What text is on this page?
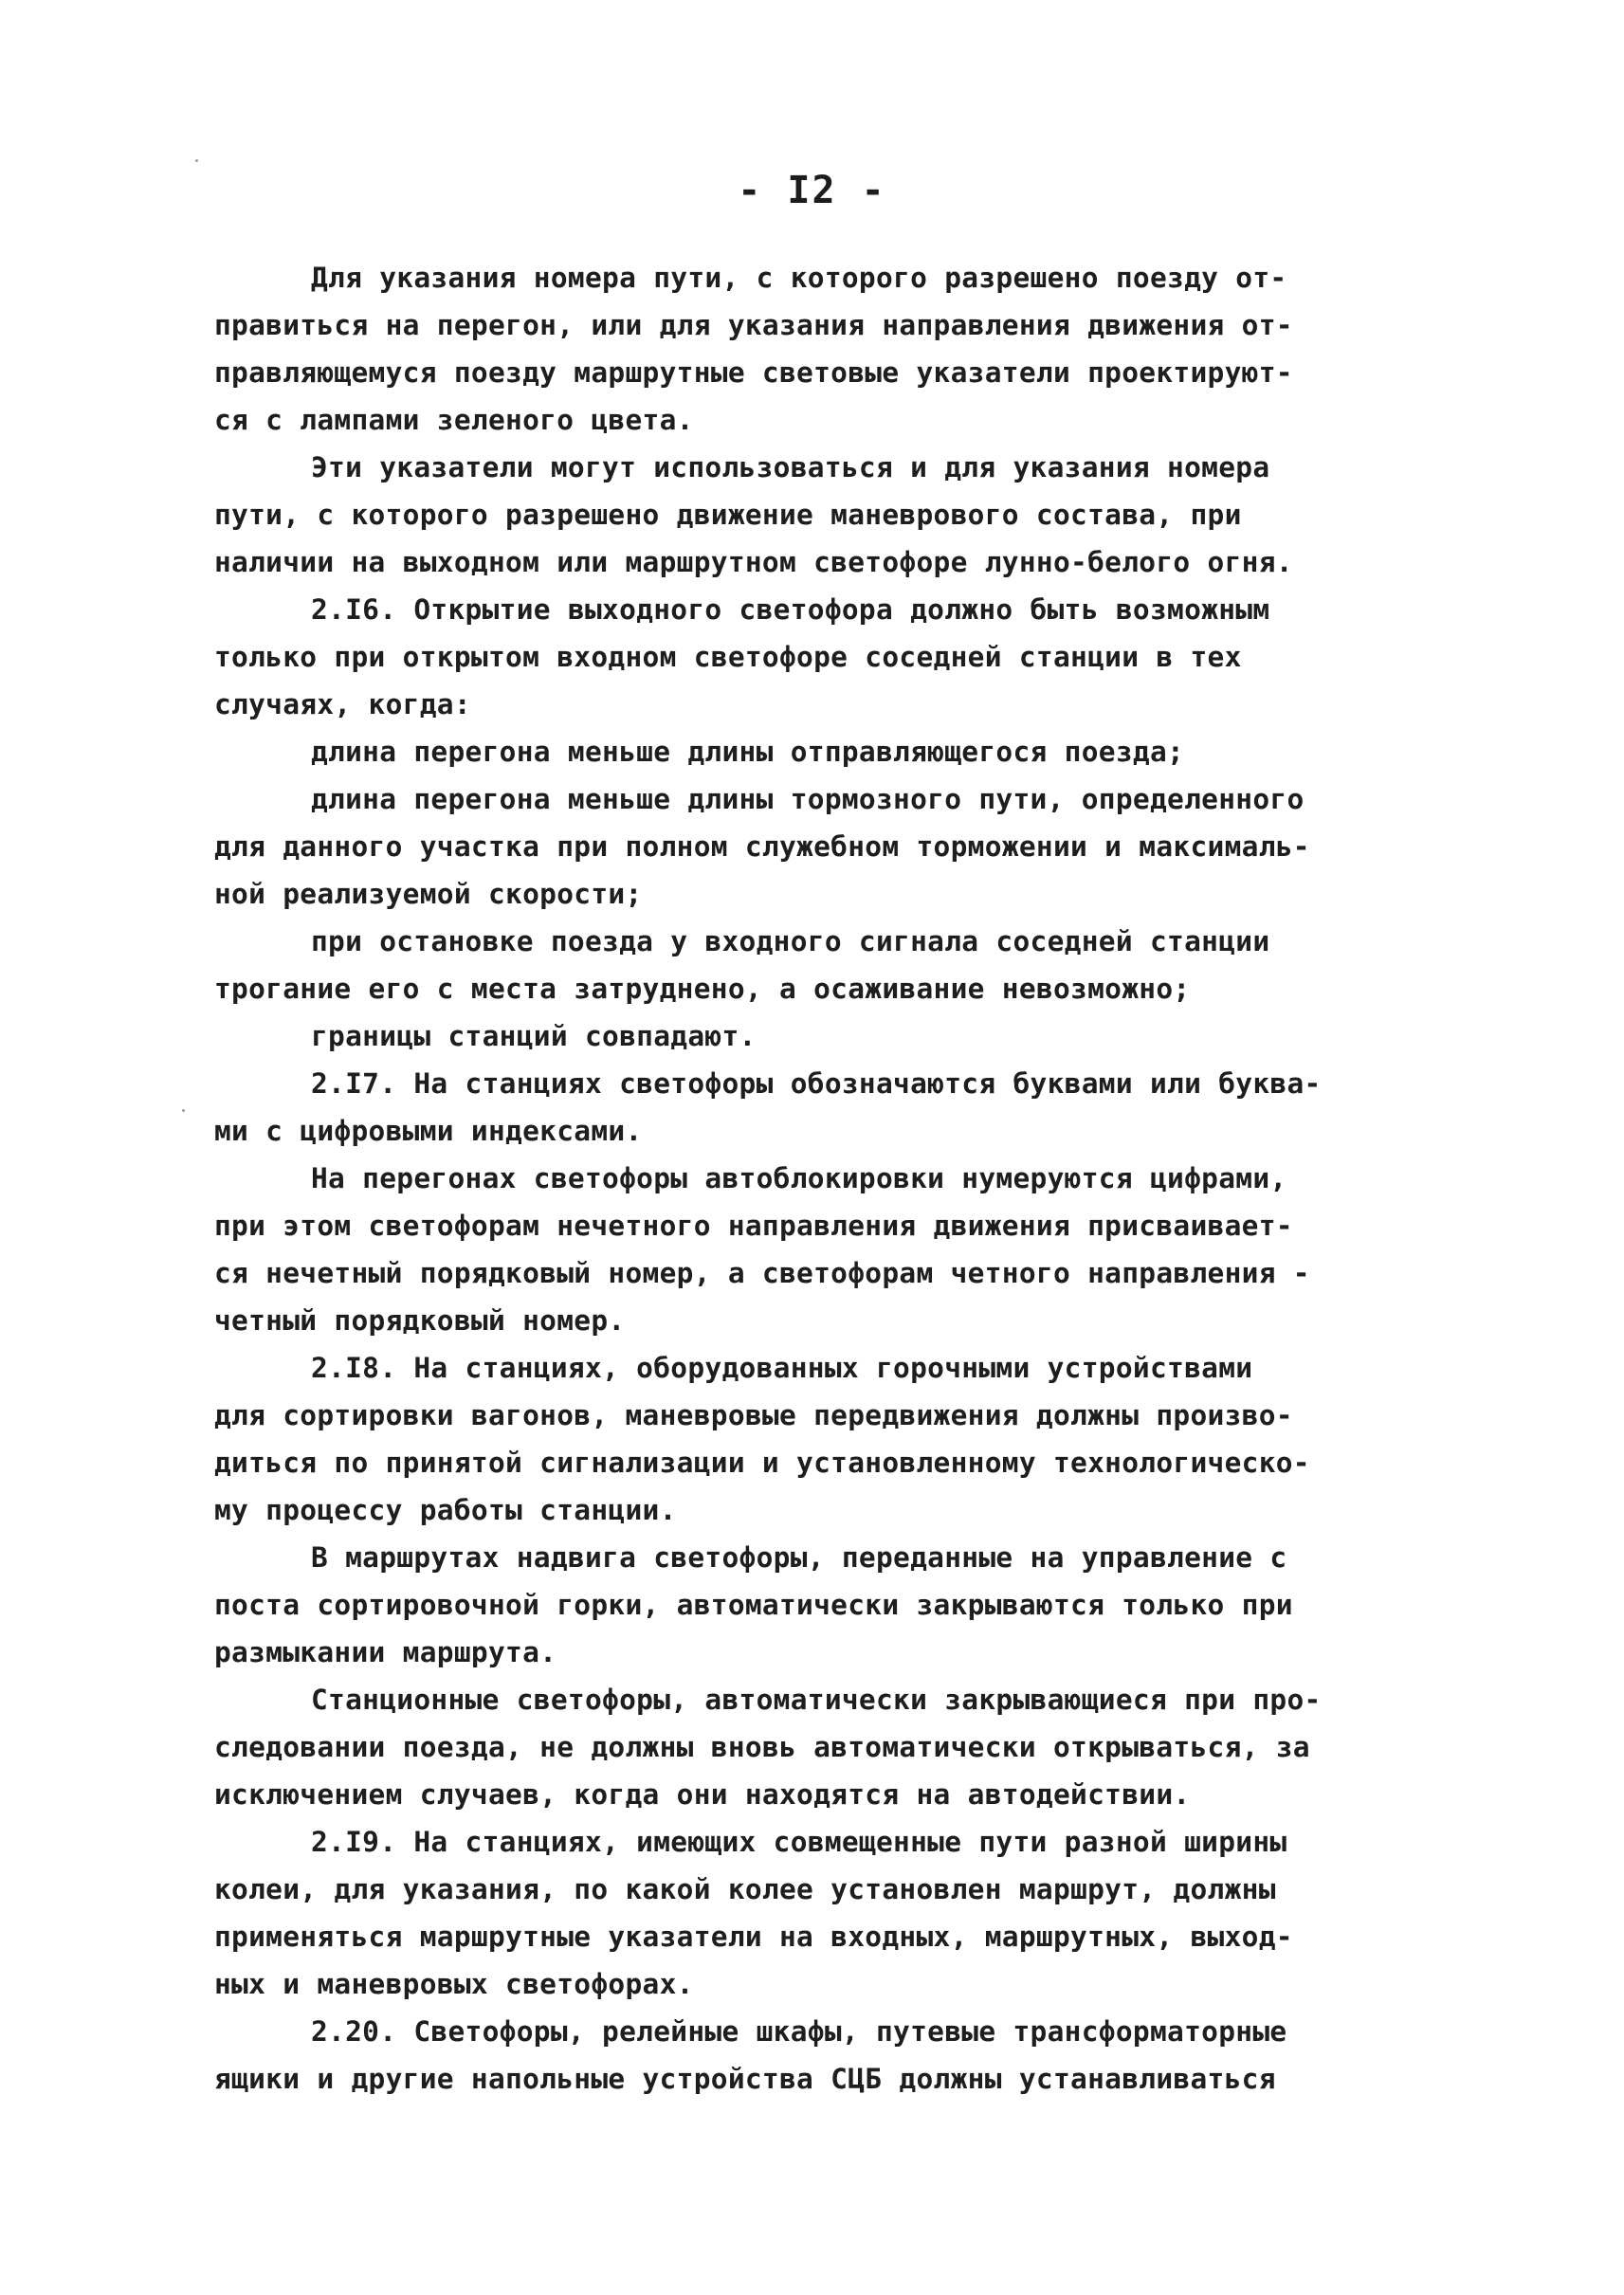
- I2 -
Для указания номера пути, с которого разрешено поезду от-
правиться на перегон, или для указания направления движения от-
правляющемуся поезду маршрутные световые указатели проектируют-
ся с лампами зеленого цвета.
Эти указатели могут использоваться и для указания номера
пути, с которого разрешено движение маневрового состава, при
наличии на выходном или маршрутном светофоре лунно-белого огня.
2.I6. Открытие выходного светофора должно быть возможным
только при открытом входном светофоре соседней станции в тех
случаях, когда:
длина перегона меньше длины отправляющегося поезда;
длина перегона меньше длины тормозного пути, определенного
для данного участка при полном служебном торможении и максималь-
ной реализуемой скорости;
при остановке поезда у входного сигнала соседней станции
трогание его с места затруднено, а осаживание невозможно;
границы станций совпадают.
2.I7. На станциях светофоры обозначаются буквами или буква-
ми с цифровыми индексами.
На перегонах светофоры автоблокировки нумеруются цифрами,
при этом светофорам нечетного направления движения присваивает-
ся нечетный порядковый номер, а светофорам четного направления -
четный порядковый номер.
2.I8. На станциях, оборудованных горочными устройствами
для сортировки вагонов, маневровые передвижения должны произво-
диться по принятой сигнализации и установленному технологическо-
му процессу работы станции.
В маршрутах надвига светофоры, переданные на управление с
поста сортировочной горки, автоматически закрываются только при
размыкании маршрута.
Станционные светофоры, автоматически закрывающиеся при про-
следовании поезда, не должны вновь автоматически открываться, за
исключением случаев, когда они находятся на автодействии.
2.I9. На станциях, имеющих совмещенные пути разной ширины
колеи, для указания, по какой колее установлен маршрут, должны
применяться маршрутные указатели на входных, маршрутных, выход-
ных и маневровых светофорах.
2.20. Светофоры, релейные шкафы, путевые трансформаторные
ящики и другие напольные устройства СЦБ должны устанавливаться
